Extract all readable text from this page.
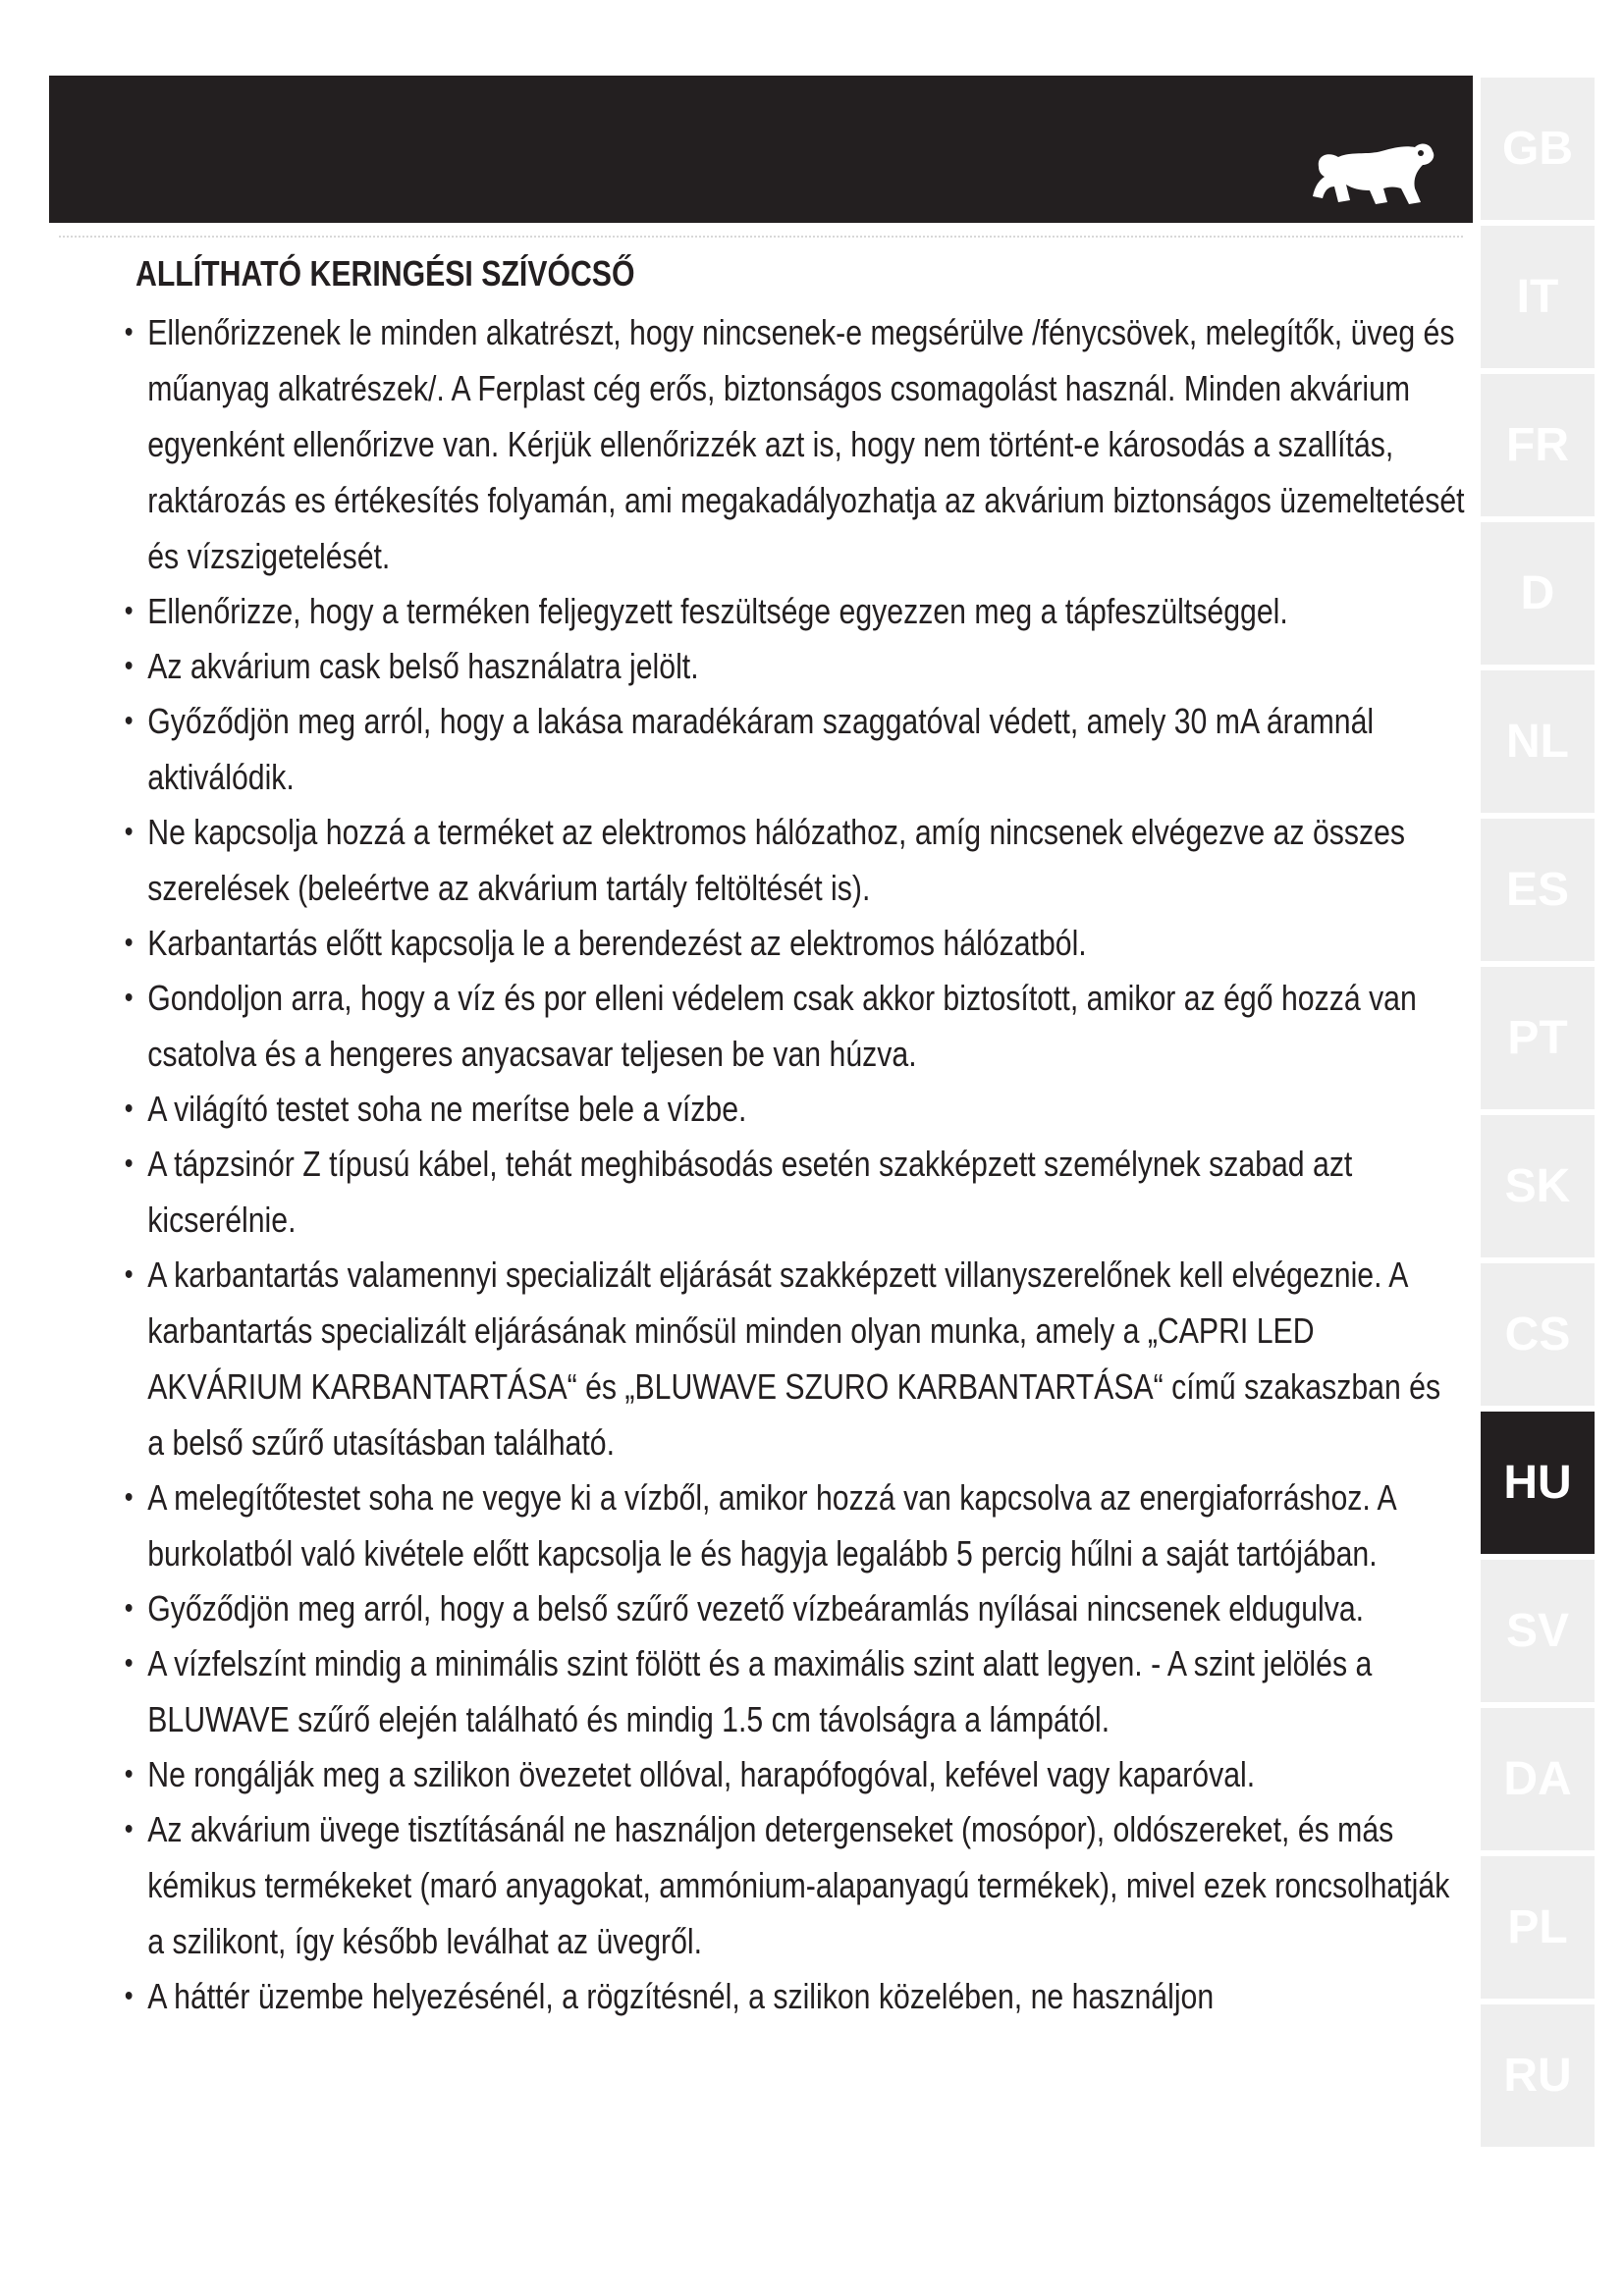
GB
IT
FR
D
NL
ES
PT
SK
CS
HU
SV
DA
PL
RU
ALLÍTHATÓ KERINGÉSI SZÍVÓCSŐ
• Ellenőrizzenek le minden alkatrészt, hogy nincsenek-e megsérülve /fénycsövek, melegítők, üveg és műanyag alkatrészek/. A Ferplast cég erős, biztonságos csomagolást használ. Minden akvárium egyenként ellenőrizve van. Kérjük ellenőrizzék azt is, hogy nem történt-e károsodás a szallítás, raktározás es értékesítés folyamán, ami megakadályozhatja az akvárium biztonságos üzemeltetését és vízszigetelését.
• Ellenőrizze, hogy a terméken feljegyzett feszültsége egyezzen meg a tápfeszültséggel.
• Az akvárium cask belső használatra jelölt.
• Győződjön meg arról, hogy a lakása maradékáram szaggatóval védett, amely 30 mA áramnál aktiválódik.
• Ne kapcsolja hozzá a terméket az elektromos hálózathoz, amíg nincsenek elvégezve az összes szerelések (beleértve az akvárium tartály feltöltését is).
• Karbantartás előtt kapcsolja le a berendezést az elektromos hálózatból.
• Gondoljon arra, hogy a víz és por elleni védelem csak akkor biztosított, amikor az égő hozzá van csatolva és a hengeres anyacsavar teljesen be van húzva.
• A világító testet soha ne merítse bele a vízbe.
• A tápzsinór Z típusú kábel, tehát meghibásodás esetén szakképzett személynek szabad azt kicserélnie.
• A karbantartás valamennyi specializált eljárását szakképzett villanyszerelőnek kell elvégeznie. A karbantartás specializált eljárásának minősül minden olyan munka, amely a „CAPRI LED AKVÁRIUM KARBANTARTÁSA“ és „BLUWAVE SZURO KARBANTARTÁSA“ című szakaszban és a belső szűrő utasításban található.
• A melegítőtestet soha ne vegye ki a vízből, amikor hozzá van kapcsolva az energiaforráshoz. A burkolatból való kivétele előtt kapcsolja le és hagyja legalább 5 percig hűlni a saját tartójában.
• Győződjön meg arról, hogy a belső szűrő vezető vízbeáramlás nyílásai nincsenek eldugulva.
• A vízfelszínt mindig a minimális szint fölött és a maximális szint alatt legyen. - A szint jelölés a BLUWAVE szűrő elején található és mindig 1.5 cm távolságra a lámpától.
• Ne rongálják meg a szilikon övezetet ollóval, harapófogóval, kefével vagy kaparóval.
• Az akvárium üvege tisztításánál ne használjon detergenseket (mosópor), oldószereket, és más kémikus termékeket (maró anyagokat, ammónium-alapanyagú termékek), mivel ezek roncsolhatják a szilikont, így később leválhat az üvegről.
• A háttér üzembe helyezésénél, a rögzítésnél, a szilikon közelében, ne használjon
